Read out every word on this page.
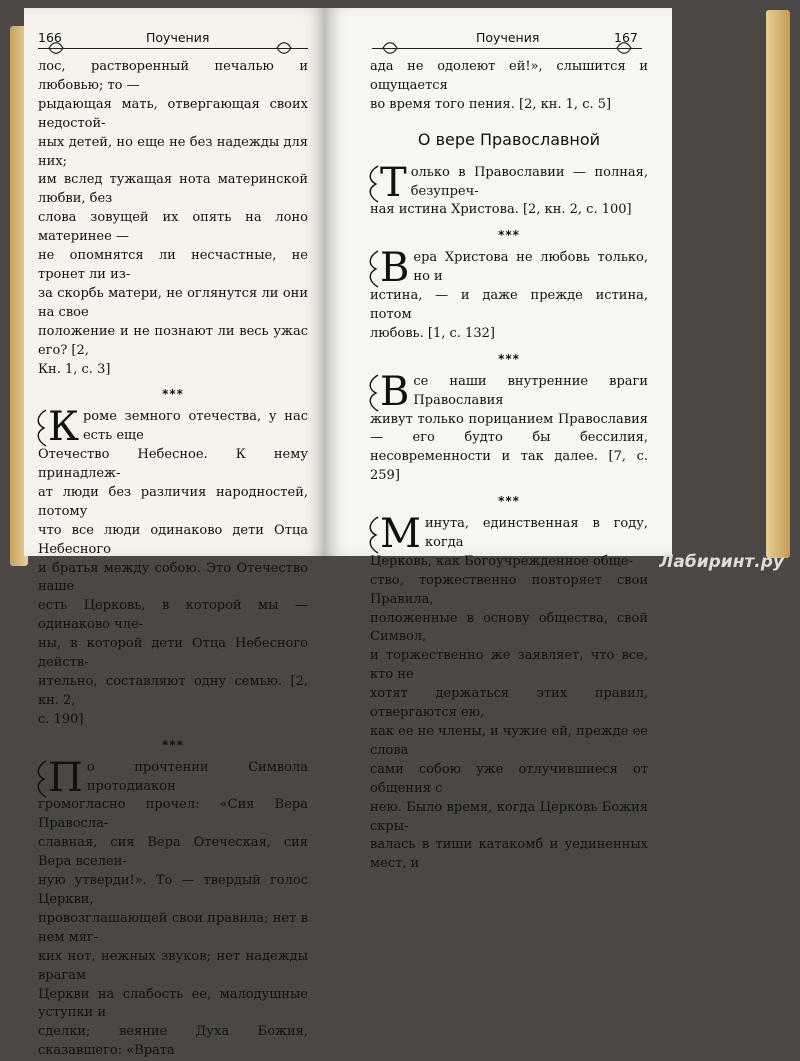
166	Поучения

лос, растворенный печалью и любовью; то —
рыдающая мать, отвергающая своих недостой-
ных детей, но еще не без надежды для них;
им вслед тужащая нота материнской любви, без
слова зовущей их опять на лоно материнее —
не опомнятся ли несчастные, не тронет ли из-
за скорбь матери, не оглянутся ли они на свое
положение и не познают ли весь ужас его? [2,
Кн. 1, с. 3]

***

К роме земного отечества, у нас есть еще
Отечество Небесное. К нему принадлеж-
ат люди без различия народностей, потому
что все люди одинаково дети Отца Небесного
и братья между собою. Это Отечество наше
есть Церковь, в которой мы — одинаково чле-
ны, в которой дети Отца Небесного действ-
ительно, составляют одну семью. [2, кн. 2,
с. 190]

***

П о прочтении Символа протодиакон
громогласно прочел: «Сия Вера Правосла-
славная, сия Вера Отеческая, сия Вера вселен-
ную утверди!». То — твердый голос Церкви,
провозглашающей свои правила; нет в нем мяг-
ких нот, нежных звуков; нет надежды врагам
Церкви на слабость ее, малодушные уступки и
сделки; веяние Духа Божия, сказавшего: «Врата

Поучения	167

ада не одолеют ей!», слышится и ощущается
во время того пения. [2, кн. 1, с. 5]

О вере Православной

Т олько в Православии — полная, безупреч-
ная истина Христова. [2, кн. 2, с. 100]

***

В ера Христова не любовь только, но и
истина, — и даже прежде истина, потом
любовь. [1, с. 132]

***

В се наши внутренние враги Православия
живут только порицанием Православия — его будто бы бессилия, несовременности и так далее. [7, с. 259]

***

М инута, единственная в году, когда
Церковь, как Богоучрежденное обще-
ство, торжественно повторяет свои Правила,
положенные в основу общества, свой Символ,
и торжественно же заявляет, что все, кто не
хотят держаться этих правил, отвергаются ею,
как ее не члены, и чужие ей, прежде ее слова
сами собою уже отлучившиеся от общения с
нею. Было время, когда Церковь Божия скры-
валась в тиши катакомб и уединенных мест, и

Лабиринт.ру
